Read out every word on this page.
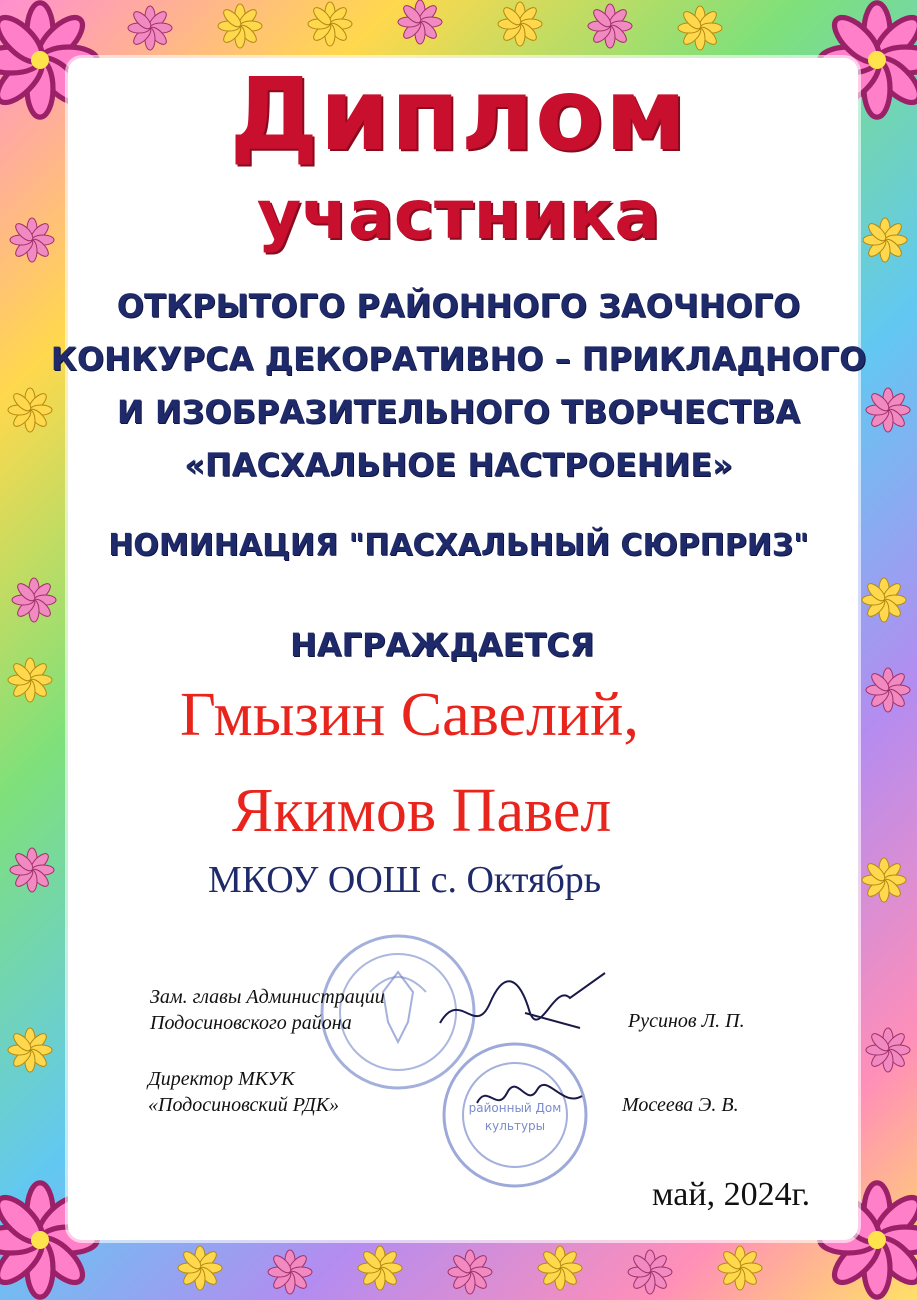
Диплом
участника

ОТКРЫТОГО РАЙОННОГО ЗАОЧНОГО
КОНКУРСА ДЕКОРАТИВНО – ПРИКЛАДНОГО
И ИЗОБРАЗИТЕЛЬНОГО ТВОРЧЕСТВА
«ПАСХАЛЬНОЕ НАСТРОЕНИЕ»

НОМИНАЦИЯ "ПАСХАЛЬНЫЙ СЮРПРИЗ"

НАГРАЖДАЕТСЯ

Гмызин Савелий,

Якимов Павел

МКОУ ООШ с. Октябрь

районный Дом
культуры

Зам. главы Администрации
Подосиновского района	Русинов Л. П.

Директор МКУК
«Подосиновский РДК»	Мосеева Э. В.

май, 2024г.
